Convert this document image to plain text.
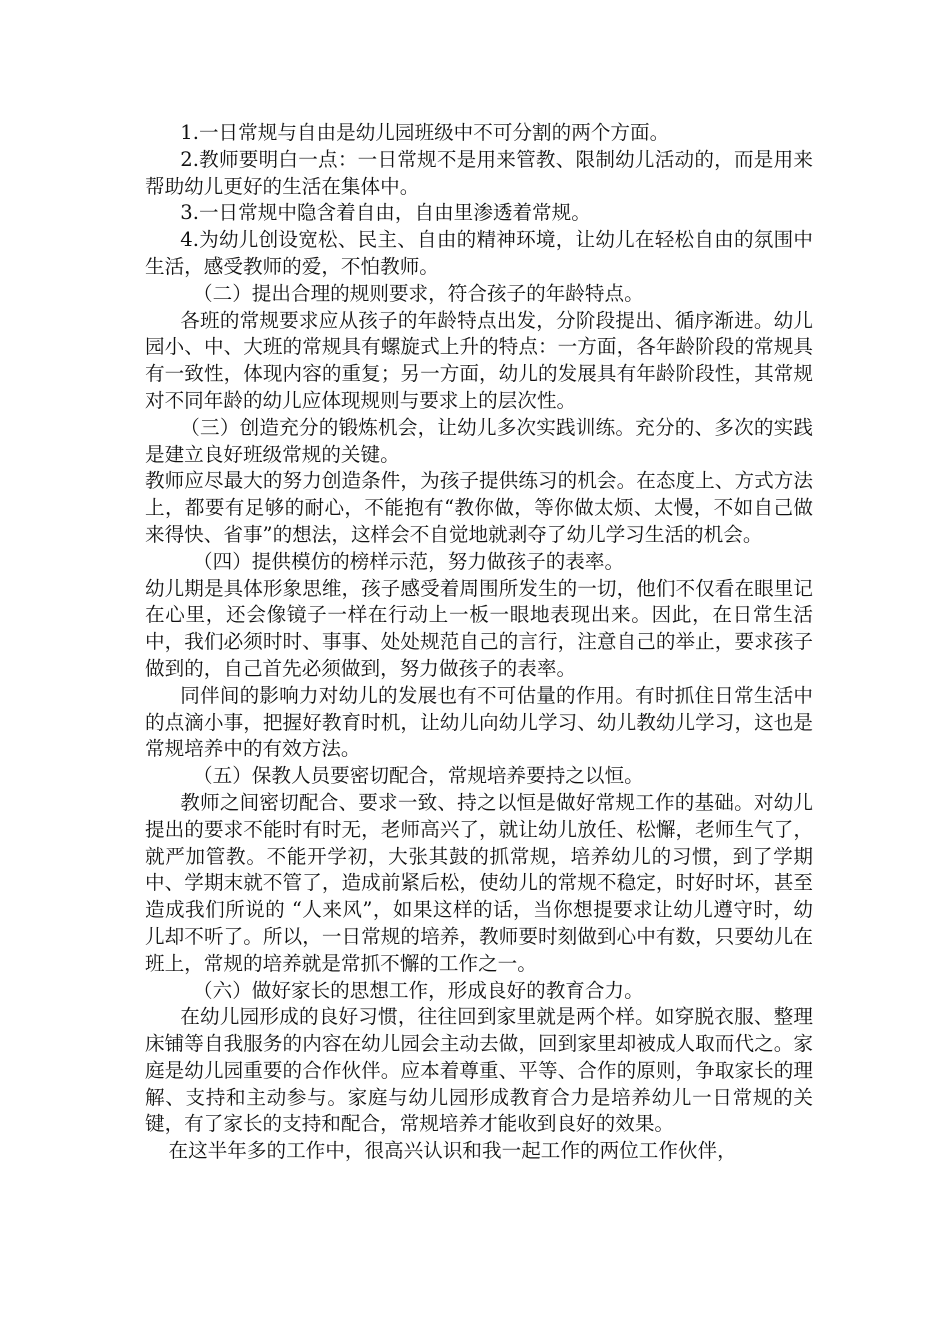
1.一日常规与自由是幼儿园班级中不可分割的两个方面。

2.教师要明白一点：一日常规不是用来管教、限制幼儿活动的，而是用来帮助幼儿更好的生活在集体中。

3.一日常规中隐含着自由，自由里渗透着常规。

4.为幼儿创设宽松、民主、自由的精神环境，让幼儿在轻松自由的氛围中生活，感受教师的爱，不怕教师。

（二）提出合理的规则要求，符合孩子的年龄特点。

各班的常规要求应从孩子的年龄特点出发，分阶段提出、循序渐进。幼儿园小、中、大班的常规具有螺旋式上升的特点：一方面，各年龄阶段的常规具有一致性，体现内容的重复；另一方面，幼儿的发展具有年龄阶段性，其常规对不同年龄的幼儿应体现规则与要求上的层次性。

（三）创造充分的锻炼机会，让幼儿多次实践训练。充分的、多次的实践是建立良好班级常规的关键。

教师应尽最大的努力创造条件，为孩子提供练习的机会。在态度上、方式方法上，都要有足够的耐心，不能抱有“教你做，等你做太烦、太慢，不如自己做来得快、省事”的想法，这样会不自觉地就剥夺了幼儿学习生活的机会。

（四）提供模仿的榜样示范，努力做孩子的表率。

幼儿期是具体形象思维，孩子感受着周围所发生的一切，他们不仅看在眼里记在心里，还会像镜子一样在行动上一板一眼地表现出来。因此，在日常生活中，我们必须时时、事事、处处规范自己的言行，注意自己的举止，要求孩子做到的，自己首先必须做到，努力做孩子的表率。

同伴间的影响力对幼儿的发展也有不可估量的作用。有时抓住日常生活中的点滴小事，把握好教育时机，让幼儿向幼儿学习、幼儿教幼儿学习，这也是常规培养中的有效方法。

（五）保教人员要密切配合，常规培养要持之以恒。

教师之间密切配合、要求一致、持之以恒是做好常规工作的基础。对幼儿提出的要求不能时有时无，老师高兴了，就让幼儿放任、松懈，老师生气了，就严加管教。不能开学初，大张其鼓的抓常规，培养幼儿的习惯，到了学期中、学期末就不管了，造成前紧后松，使幼儿的常规不稳定，时好时坏，甚至造成我们所说的 “人来风”，如果这样的话，当你想提要求让幼儿遵守时，幼儿却不听了。所以，一日常规的培养，教师要时刻做到心中有数，只要幼儿在班上，常规的培养就是常抓不懈的工作之一。

（六）做好家长的思想工作，形成良好的教育合力。

在幼儿园形成的良好习惯，往往回到家里就是两个样。如穿脱衣服、整理床铺等自我服务的内容在幼儿园会主动去做，回到家里却被成人取而代之。家庭是幼儿园重要的合作伙伴。应本着尊重、平等、合作的原则，争取家长的理解、支持和主动参与。家庭与幼儿园形成教育合力是培养幼儿一日常规的关键，有了家长的支持和配合，常规培养才能收到良好的效果。

在这半年多的工作中，很高兴认识和我一起工作的两位工作伙伴，
